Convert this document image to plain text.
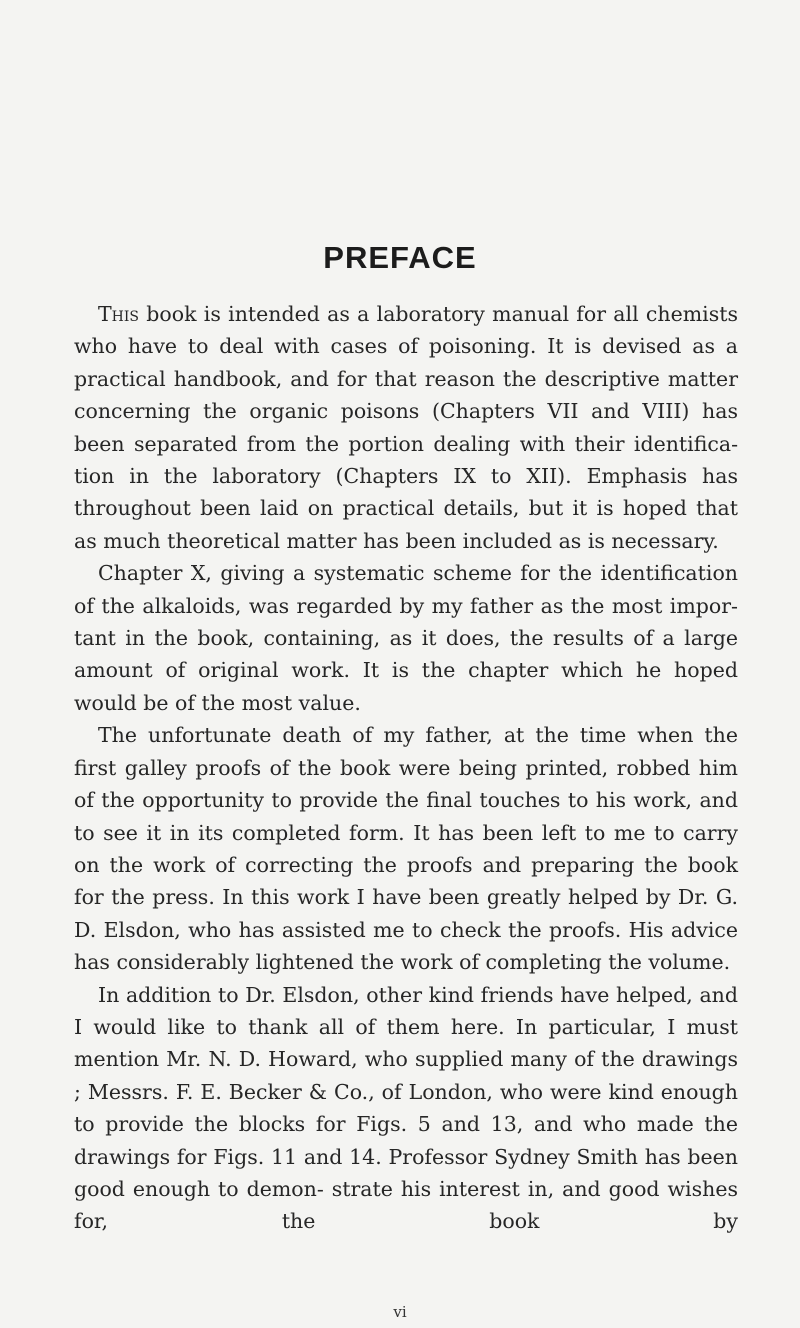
PREFACE

This book is intended as a laboratory manual for all chemists who have to deal with cases of poisoning. It is devised as a practical handbook, and for that reason the descriptive matter concerning the organic poisons (Chapters VII and VIII) has been separated from the portion dealing with their identifica- tion in the laboratory (Chapters IX to XII). Emphasis has throughout been laid on practical details, but it is hoped that as much theoretical matter has been included as is necessary.

Chapter X, giving a systematic scheme for the identification of the alkaloids, was regarded by my father as the most impor- tant in the book, containing, as it does, the results of a large amount of original work. It is the chapter which he hoped would be of the most value.

The unfortunate death of my father, at the time when the first galley proofs of the book were being printed, robbed him of the opportunity to provide the final touches to his work, and to see it in its completed form. It has been left to me to carry on the work of correcting the proofs and preparing the book for the press. In this work I have been greatly helped by Dr. G. D. Elsdon, who has assisted me to check the proofs. His advice has considerably lightened the work of completing the volume.

In addition to Dr. Elsdon, other kind friends have helped, and I would like to thank all of them here. In particular, I must mention Mr. N. D. Howard, who supplied many of the drawings ; Messrs. F. E. Becker & Co., of London, who were kind enough to provide the blocks for Figs. 5 and 13, and who made the drawings for Figs. 11 and 14. Professor Sydney Smith has been good enough to demon- strate his interest in, and good wishes for, the book by

vi
